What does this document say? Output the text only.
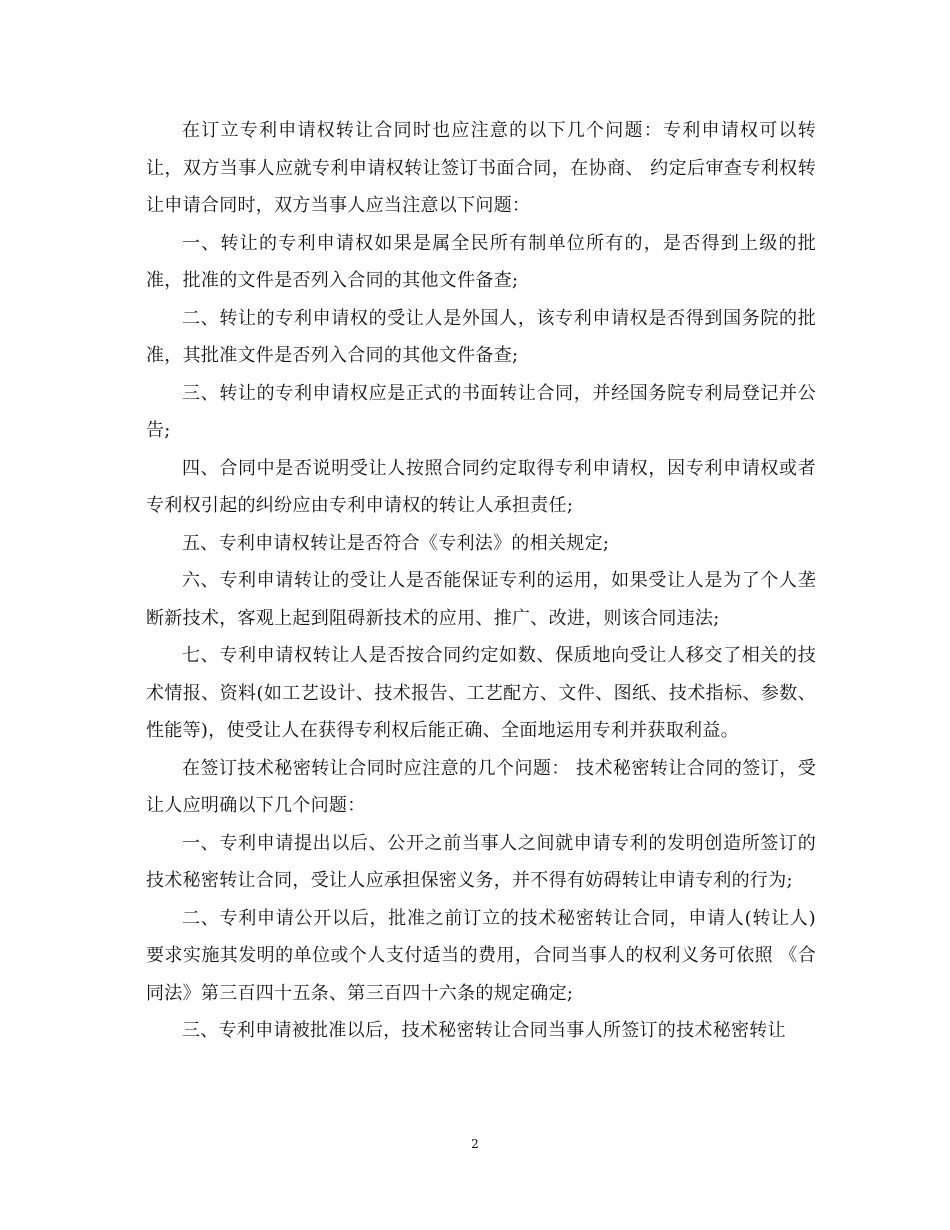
在订立专利申请权转让合同时也应注意的以下几个问题：专利申请权可以转让，双方当事人应就专利申请权转让签订书面合同，在协商、 约定后审查专利权转让申请合同时，双方当事人应当注意以下问题：

一、转让的专利申请权如果是属全民所有制单位所有的，是否得到上级的批准，批准的文件是否列入合同的其他文件备查;

二、转让的专利申请权的受让人是外国人，该专利申请权是否得到国务院的批准，其批准文件是否列入合同的其他文件备查;

三、转让的专利申请权应是正式的书面转让合同，并经国务院专利局登记并公告;

四、合同中是否说明受让人按照合同约定取得专利申请权，因专利申请权或者专利权引起的纠纷应由专利申请权的转让人承担责任;

五、专利申请权转让是否符合《专利法》的相关规定;

六、专利申请转让的受让人是否能保证专利的运用，如果受让人是为了个人垄断新技术，客观上起到阻碍新技术的应用、推广、改进，则该合同违法;

七、专利申请权转让人是否按合同约定如数、保质地向受让人移交了相关的技术情报、资料(如工艺设计、技术报告、工艺配方、文件、图纸、技术指标、参数、性能等)，使受让人在获得专利权后能正确、全面地运用专利并获取利益。

在签订技术秘密转让合同时应注意的几个问题： 技术秘密转让合同的签订，受让人应明确以下几个问题：

一、专利申请提出以后、公开之前当事人之间就申请专利的发明创造所签订的 技术秘密转让合同，受让人应承担保密义务，并不得有妨碍转让申请专利的行为;

二、专利申请公开以后，批准之前订立的技术秘密转让合同，申请人(转让人) 要求实施其发明的单位或个人支付适当的费用，合同当事人的权利义务可依照 《合同法》第三百四十五条、第三百四十六条的规定确定;

三、专利申请被批准以后，技术秘密转让合同当事人所签订的技术秘密转让

2
